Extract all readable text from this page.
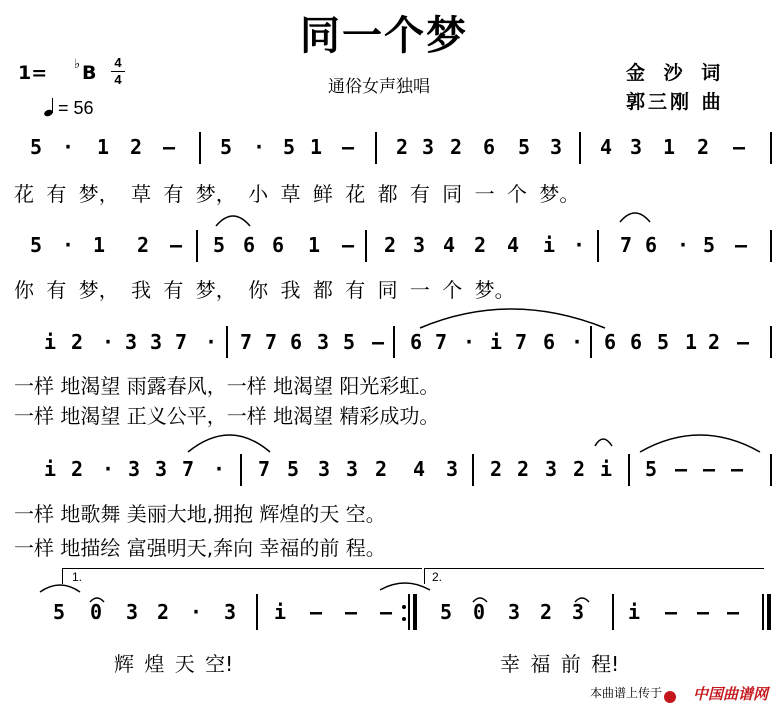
同一个梦
通俗女声独唱
金 沙 词
郭三刚 曲
1= ♭ B 4
4
= 56
5 · 1 2 – 5 · 5 1 – 2 3 2 6 5 3 4 3 1 2 –
5 · 1 2 – 5 6 6 1 – 2 3 4 2 4 i · 7 6 · 5 –
i 2 · 3 3 7 · 7 7 6 3 5 – 6 7 · i 7 6 · 6 6 5 1 2 –
i 2 · 3 3 7 · 7 5 3 3 2 4 3 2 2 3 2 i 5 – – –
5 0 3 2 · 3 i – – – 5 0 3 2 3 i – – –
花 有 梦， 草 有 梦， 小 草 鲜 花 都 有 同 一 个 梦。
你 有 梦， 我 有 梦， 你 我 都 有 同 一 个 梦。
一样 地渴望 雨露春风，一样 地渴望 阳光彩虹。
一样 地渴望 正义公平，一样 地渴望 精彩成功。
一样 地歌舞 美丽大地,拥抱 辉煌的天 空。
一样 地描绘 富强明天,奔向 幸福的前 程。
辉 煌 天 空!	幸 福 前 程!
1.	2.
本曲谱上传于 中国曲谱网
